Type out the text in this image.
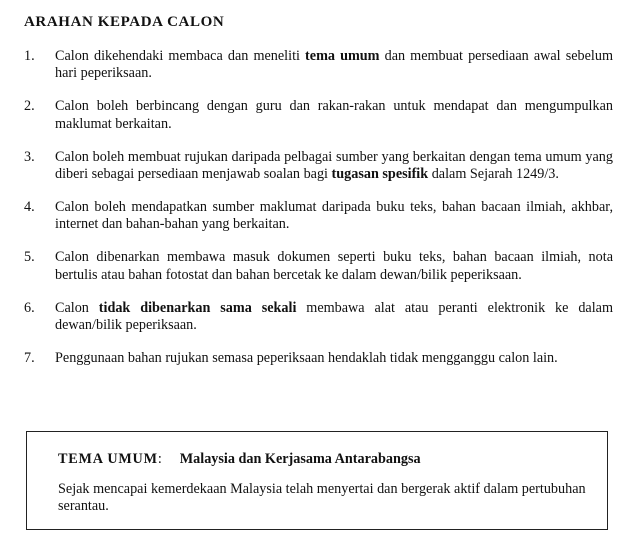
ARAHAN KEPADA CALON
1. Calon dikehendaki membaca dan meneliti tema umum dan membuat persediaan awal sebelum hari peperiksaan.
2. Calon boleh berbincang dengan guru dan rakan-rakan untuk mendapat dan mengumpulkan maklumat berkaitan.
3. Calon boleh membuat rujukan daripada pelbagai sumber yang berkaitan dengan tema umum yang diberi sebagai persediaan menjawab soalan bagi tugasan spesifik dalam Sejarah 1249/3.
4. Calon boleh mendapatkan sumber maklumat daripada buku teks, bahan bacaan ilmiah, akhbar, internet dan bahan-bahan yang berkaitan.
5. Calon dibenarkan membawa masuk dokumen seperti buku teks, bahan bacaan ilmiah, nota bertulis atau bahan fotostat dan bahan bercetak ke dalam dewan/bilik peperiksaan.
6. Calon tidak dibenarkan sama sekali membawa alat atau peranti elektronik ke dalam dewan/bilik peperiksaan.
7. Penggunaan bahan rujukan semasa peperiksaan hendaklah tidak mengganggu calon lain.
TEMA UMUM: Malaysia dan Kerjasama Antarabangsa
Sejak mencapai kemerdekaan Malaysia telah menyertai dan bergerak aktif dalam pertubuhan serantau.
